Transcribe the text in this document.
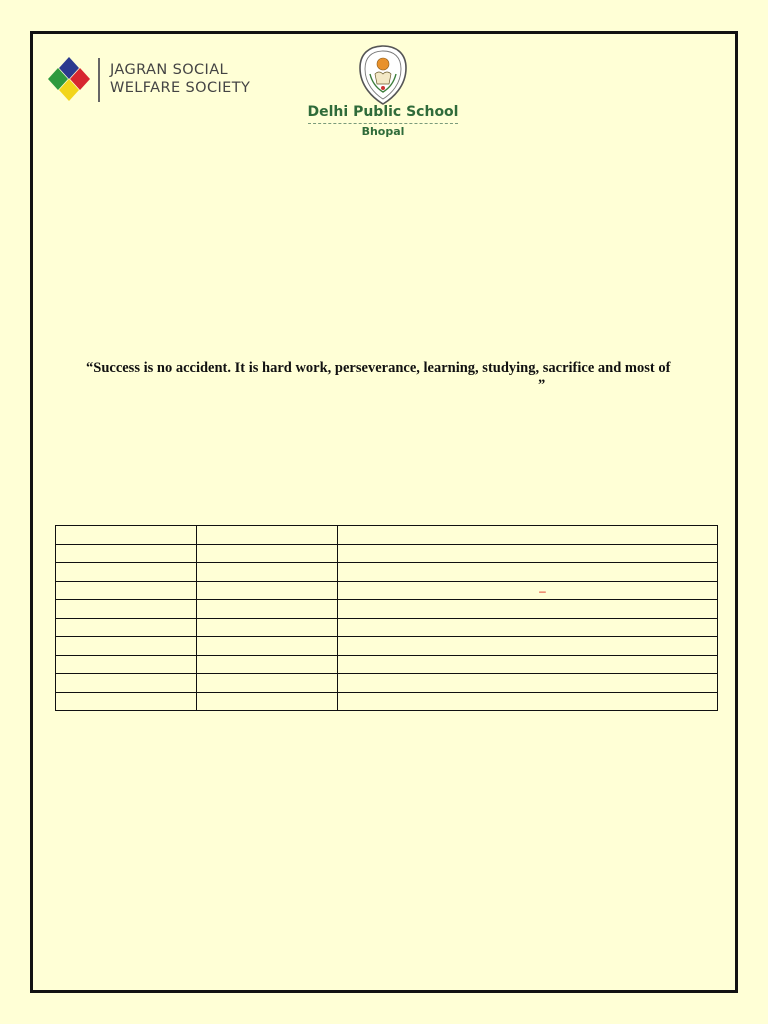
JAGRAN SOCIAL
WELFARE SOCIETY
Delhi Public School
Bhopal
“Success is no accident. It is hard work, perseverance, learning, studying, sacrifice and most of
”

		–
